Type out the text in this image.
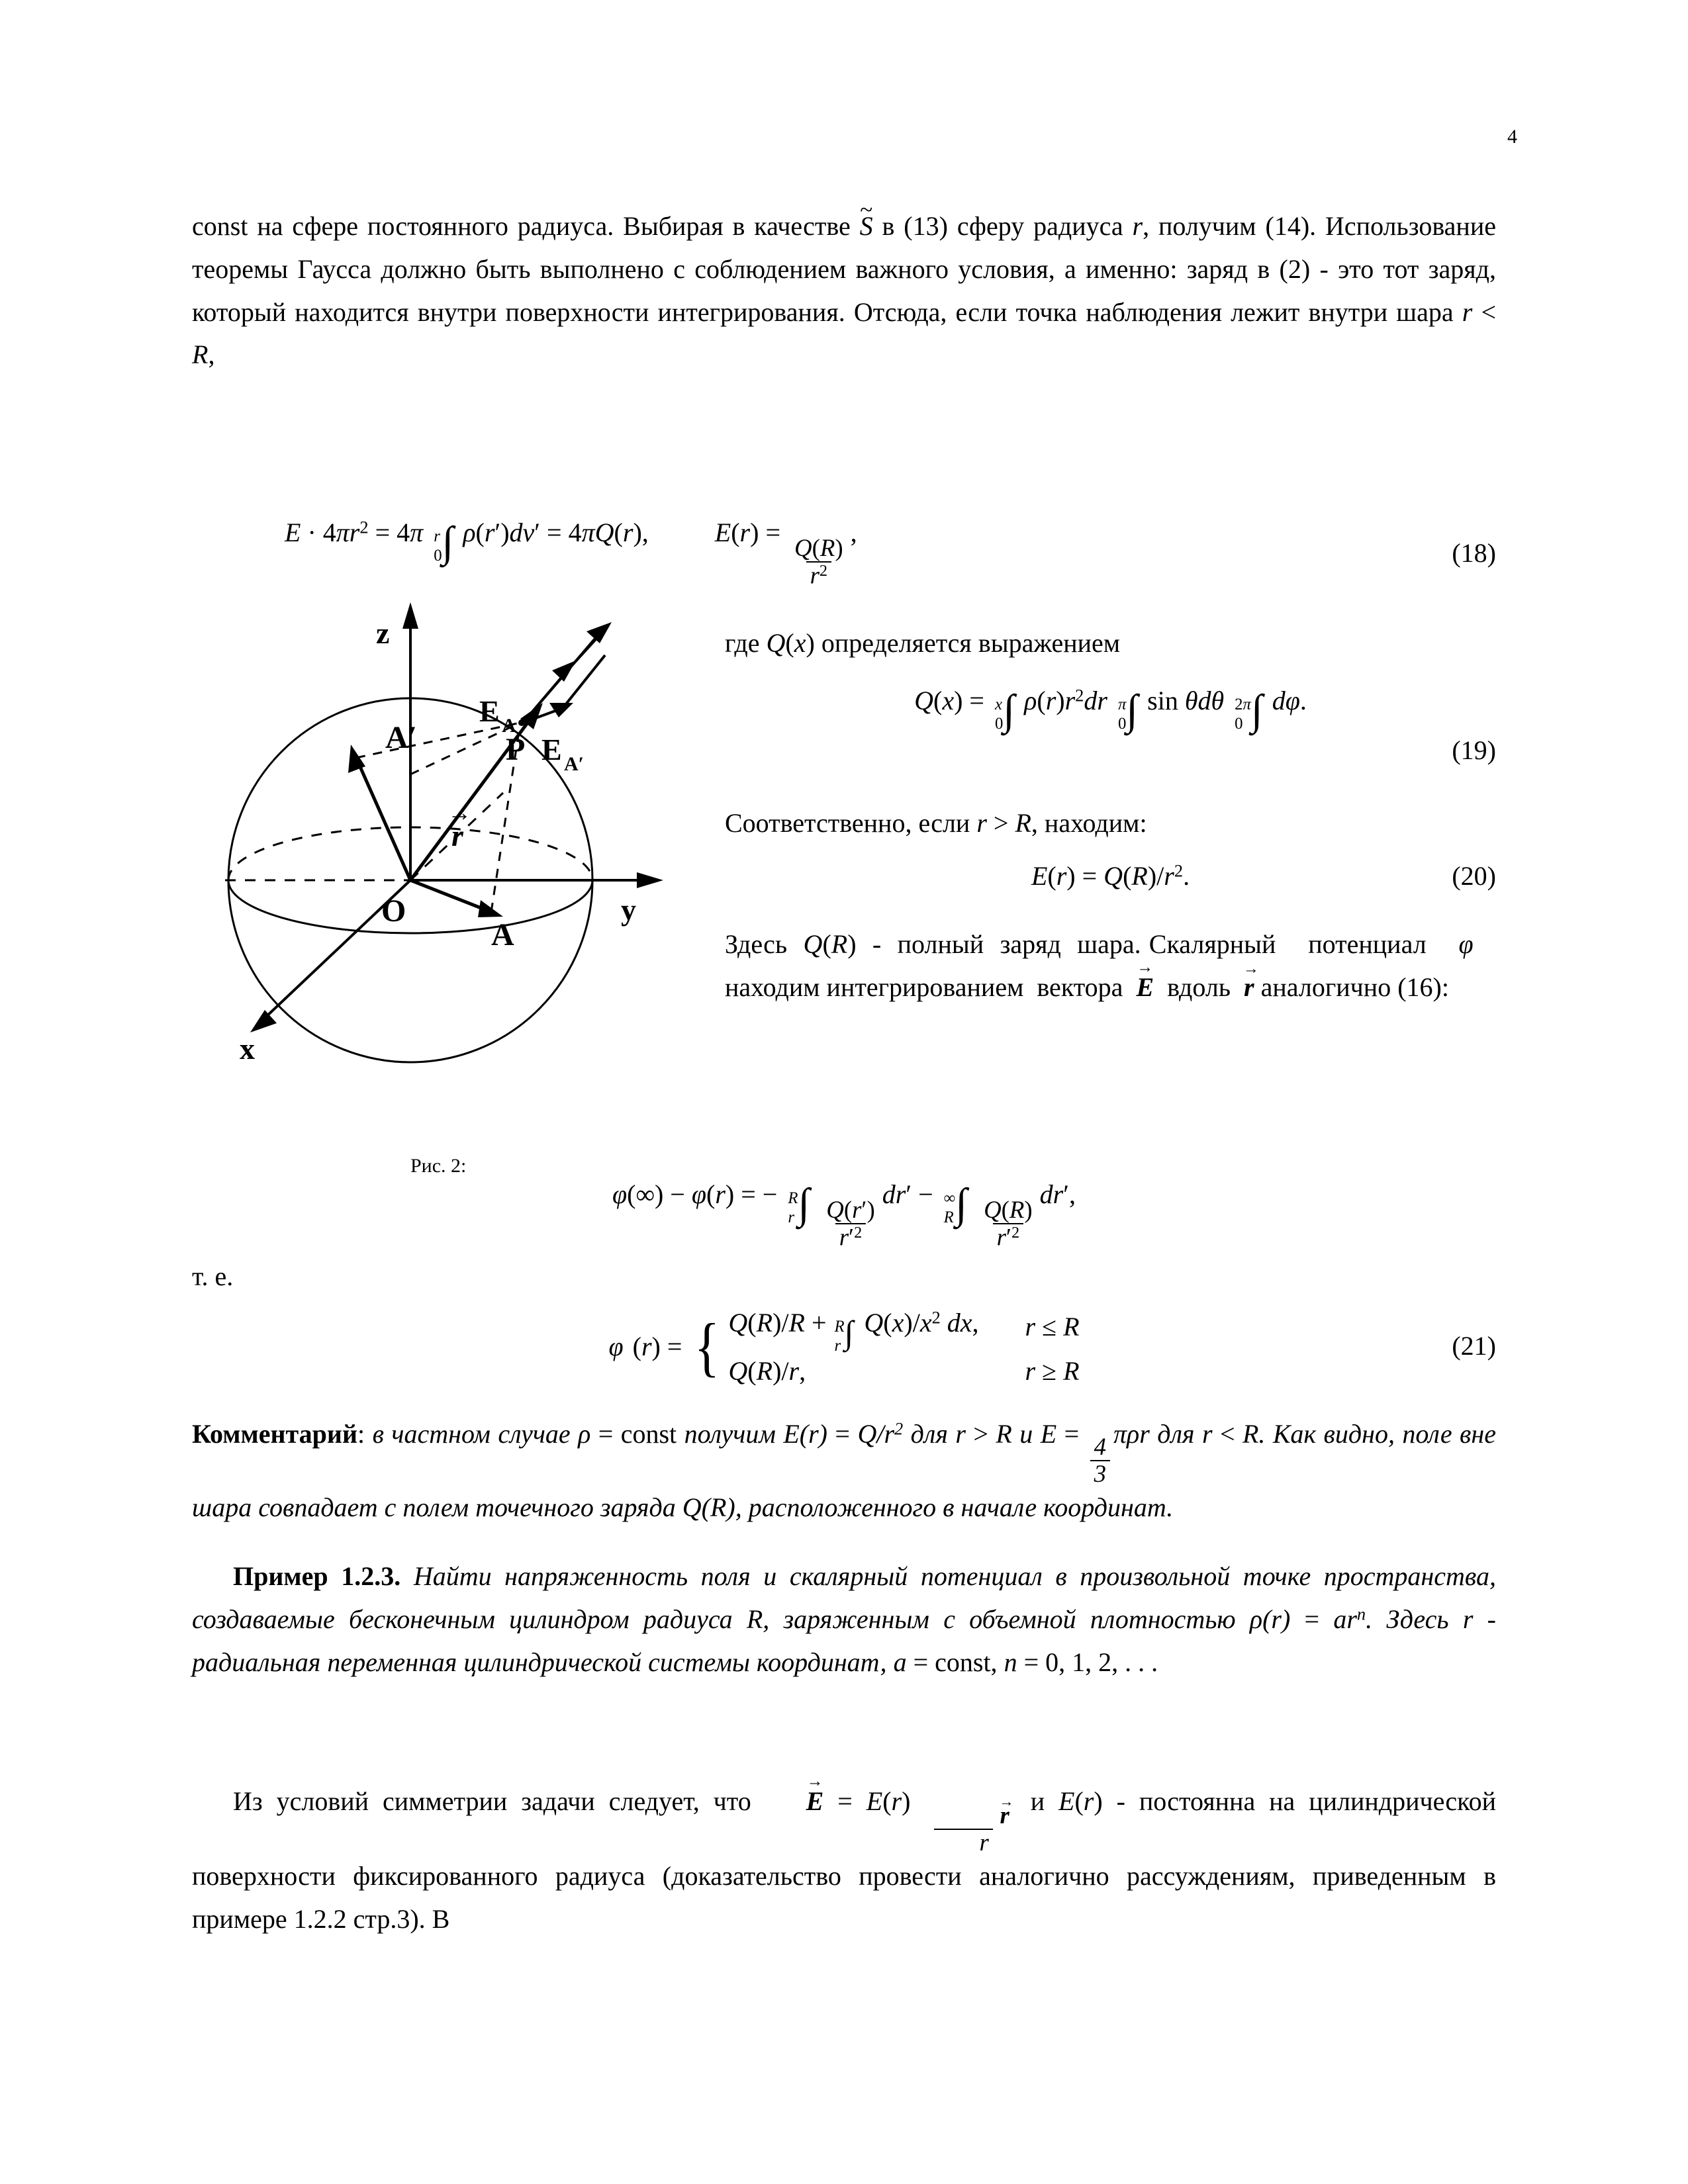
4
const на сфере постоянного радиуса. Выбирая в качестве ~ S в (13) сферу радиуса r, получим (14). Использование теоремы Гаусса должно быть выполнено с соблюдением важного условия, а именно: заряд в (2) - это тот заряд, который находится внутри поверхности интегрирования. Отсюда, если точка наблюдения лежит внутри шара r < R,
$E \cdot 4\pi r^2 = 4\pi$ r
0 ∫ ρ(r′)dv′ = 4πQ(r),  E(r) =
$\frac{Q(R)}{r^2}$
,
(18)
z
y
x
O
A
A′	P
E A
E A′
r
→
Рис. 2:
где Q(x) определяется выражением
Q(x) = x
0 ∫ $\rho(r)r^2dr$ π
0 ∫ sin θdθ 2π
0 ∫ dφ.
(19)
Соответственно, если r > R, находим:
$E(r) = Q(R)/r^2$.	(20)
Здесь  Q(R)  -  полный  заряд  шара. Скалярный    потенциал    φ    находим интегрированием  вектора  → E  вдоль  → r аналогично (16):
φ(∞) − φ(r) = − R
r ∫
$\frac{Q(r')}{r'^2}$
dr′ − ∞
R ∫
$\frac{Q(R)}{r'^2}$
dr′,
т. е.
φ (r) = { Q(R)/R + R
r ∫ $Q(x)/x^2$ dx, r ≤ R
Q(R)/r,	r ≥ R
(21)
Комментарий: в частном случае ρ = const получим $E(r) = Q/r^2$ для r > R и E =
$\frac{4}{3}$
πρr для r < R. Как видно, поле вне шара совпадает с полем точечного заряда Q(R), расположенного в начале координат.
Пример 1.2.3. Найти напряженность поля и скалярный потенциал в произвольной точке пространства, создаваемые бесконечным цилиндром радиуса R, заряженным с объемной плотностью $\rho(r) = ar^n$. Здесь r - радиальная переменная цилиндрической системы координат, a = const, n = 0, 1, 2, . . .
Из условий симметрии задачи следует, что → E = E(r)
→ $\frac{r}{r}$
и E(r) - постоянна на цилиндрической поверхности фиксированного радиуса (доказательство провести аналогично рассуждениям, приведенным в примере 1.2.2 стр.3). В
